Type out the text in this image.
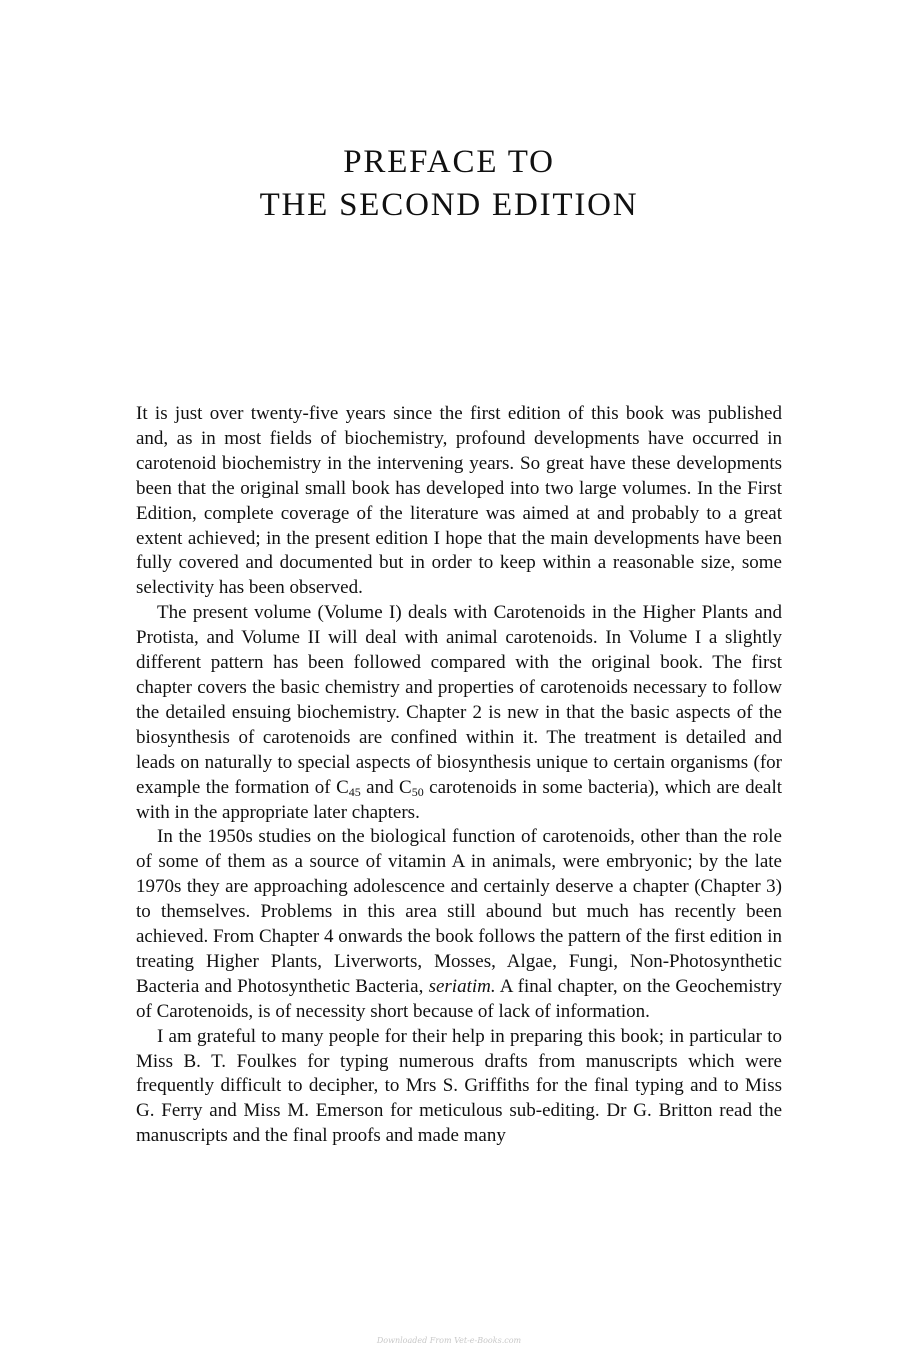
PREFACE TO
THE SECOND EDITION

It is just over twenty-five years since the first edition of this book was published and, as in most fields of biochemistry, profound developments have occurred in carotenoid biochemistry in the intervening years. So great have these developments been that the original small book has developed into two large volumes. In the First Edition, complete coverage of the literature was aimed at and probably to a great extent achieved; in the present edition I hope that the main developments have been fully covered and documented but in order to keep within a reasonable size, some selectivity has been observed.

The present volume (Volume I) deals with Carotenoids in the Higher Plants and Protista, and Volume II will deal with animal carotenoids. In Volume I a slightly different pattern has been followed compared with the original book. The first chapter covers the basic chemistry and properties of carotenoids necessary to follow the detailed ensuing biochemistry. Chapter 2 is new in that the basic aspects of the biosynthesis of carotenoids are confined within it. The treatment is detailed and leads on naturally to special aspects of biosynthesis unique to certain organisms (for example the formation of $C_{45}$ and $C_{50}$ carotenoids in some bacteria), which are dealt with in the appropriate later chapters.

In the 1950s studies on the biological function of carotenoids, other than the role of some of them as a source of vitamin A in animals, were embryonic; by the late 1970s they are approaching adolescence and certainly deserve a chapter (Chapter 3) to themselves. Problems in this area still abound but much has recently been achieved. From Chapter 4 onwards the book follows the pattern of the first edition in treating Higher Plants, Liverworts, Mosses, Algae, Fungi, Non-Photosynthetic Bacteria and Photosynthetic Bacteria, seriatim. A final chapter, on the Geochemistry of Carotenoids, is of necessity short because of lack of information.

I am grateful to many people for their help in preparing this book; in particular to Miss B. T. Foulkes for typing numerous drafts from manuscripts which were frequently difficult to decipher, to Mrs S. Griffiths for the final typing and to Miss G. Ferry and Miss M. Emerson for meticulous sub-editing. Dr G. Britton read the manuscripts and the final proofs and made many

Downloaded From Vet-e-Books.com
